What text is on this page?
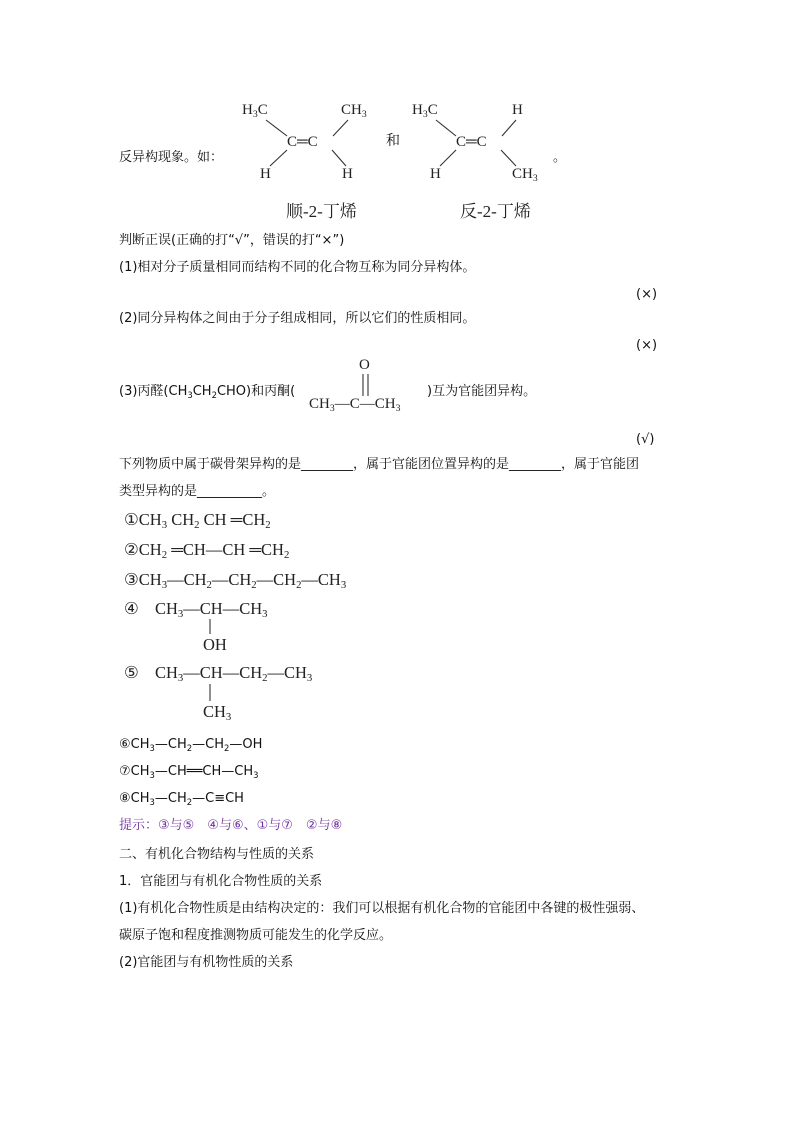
反异构现象。如：
$H_3C$	$CH_3$
C═C
H	H
顺-2-丁烯
和
$H_3C$	H
C═C
H	$CH_3$
反-2-丁烯
。
判断正误(正确的打“√”，错误的打“×”)
(1)相对分子质量相同而结构不同的化合物互称为同分异构体。
(×)
(2)同分异构体之间由于分子组成相同，所以它们的性质相同。
(×)
(3)丙醛$(CH_3CH_2CHO)$和丙酮(
O
$CH_3—C—CH_3$
)互为官能团异构。
(√)
下列物质中属于碳骨架异构的是________，属于官能团位置异构的是________，属于官能团
类型异构的是__________。
$①CH_3$ $CH_2$ CH $═CH_2$
$②CH_2$ ═CH—CH $═CH_2$
$③CH_3—CH_2—CH_2—CH_2—CH_3$
④ $CH_3—CH—CH_3$
OH
⑤ $CH_3—CH—CH_2—CH_3$
$CH_3$
$⑥CH_3—CH_2—CH_2—OH$
$⑦CH_3—CH══CH—CH_3$
$⑧CH_3—CH_2—C\equiv CH$
提示：③与⑤　④与⑥、①与⑦　②与⑧
二、有机化合物结构与性质的关系
1．官能团与有机化合物性质的关系
(1)有机化合物性质是由结构决定的：我们可以根据有机化合物的官能团中各键的极性强弱、
碳原子饱和程度推测物质可能发生的化学反应。
(2)官能团与有机物性质的关系
